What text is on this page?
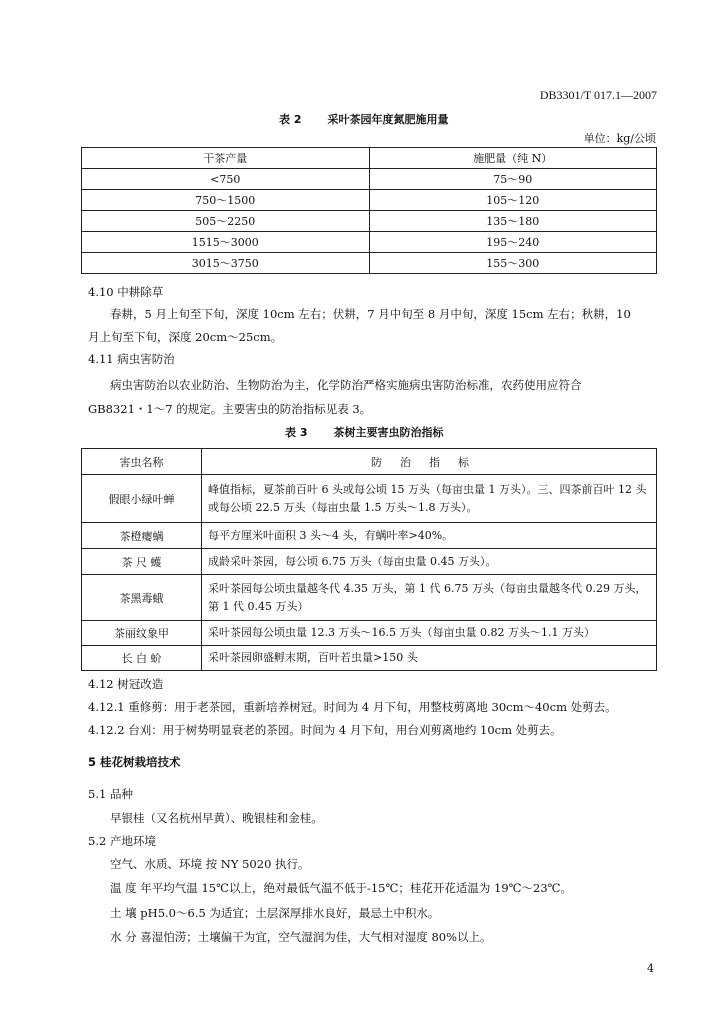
DB3301/T 017.1—2007
表 2 采叶茶园年度氮肥施用量
单位：kg/公顷
干茶产量	施肥量（纯 N）
<750	75～90
750～1500	105～120
505～2250	135～180
1515～3000	195～240
3015～3750	155～300
4.10 中耕除草
春耕，5 月上旬至下旬，深度 10cm 左右；伏耕，7 月中旬至 8 月中旬，深度 15cm 左右；秋耕，10
月上旬至下旬，深度 20cm～25cm。
4.11 病虫害防治
病虫害防治以农业防治、生物防治为主，化学防治严格实施病虫害防治标准，农药使用应符合
GB8321・1～7 的规定。主要害虫的防治指标见表 3。
表 3 茶树主要害虫防治指标
害虫名称	防治指标
假眼小绿叶蝉	峰值指标，夏茶前百叶 6 头或每公顷 15 万头（每亩虫量 1 万头）。三、四茶前百叶 12 头或每公顷 22.5 万头（每亩虫量 1.5 万头～1.8 万头）。
茶橙瘿螨	每平方厘米叶面积 3 头～4 头，有螨叶率>40%。
茶 尺 蠖	成龄采叶茶园，每公顷 6.75 万头（每亩虫量 0.45 万头）。
茶黑毒蛾	采叶茶园每公顷虫量越冬代 4.35 万头，第 1 代 6.75 万头（每亩虫量越冬代 0.29 万头，第 1 代 0.45 万头）
茶丽纹象甲	采叶茶园每公顷虫量 12.3 万头～16.5 万头（每亩虫量 0.82 万头～1.1 万头）
长 白 蚧	采叶茶园卵盛孵末期，百叶若虫量>150 头
4.12 树冠改造
4.12.1 重修剪：用于老茶园，重新培养树冠。时间为 4 月下旬，用整枝剪离地 30cm～40cm 处剪去。
4.12.2 台刈：用于树势明显衰老的茶园。时间为 4 月下旬，用台刈剪离地约 10cm 处剪去。
5 桂花树栽培技术
5.1 品种
早银桂（又名杭州早黄）、晚银桂和金桂。
5.2 产地环境
空气、水质、环境 按 NY 5020 执行。
温 度 年平均气温 15℃以上，绝对最低气温不低于-15℃；桂花开花适温为 19℃～23℃。
土 壤 pH5.0～6.5 为适宜；土层深厚排水良好，最忌土中积水。
水 分 喜湿怕涝；土壤偏干为宜，空气湿润为佳，大气相对湿度 80%以上。
4
